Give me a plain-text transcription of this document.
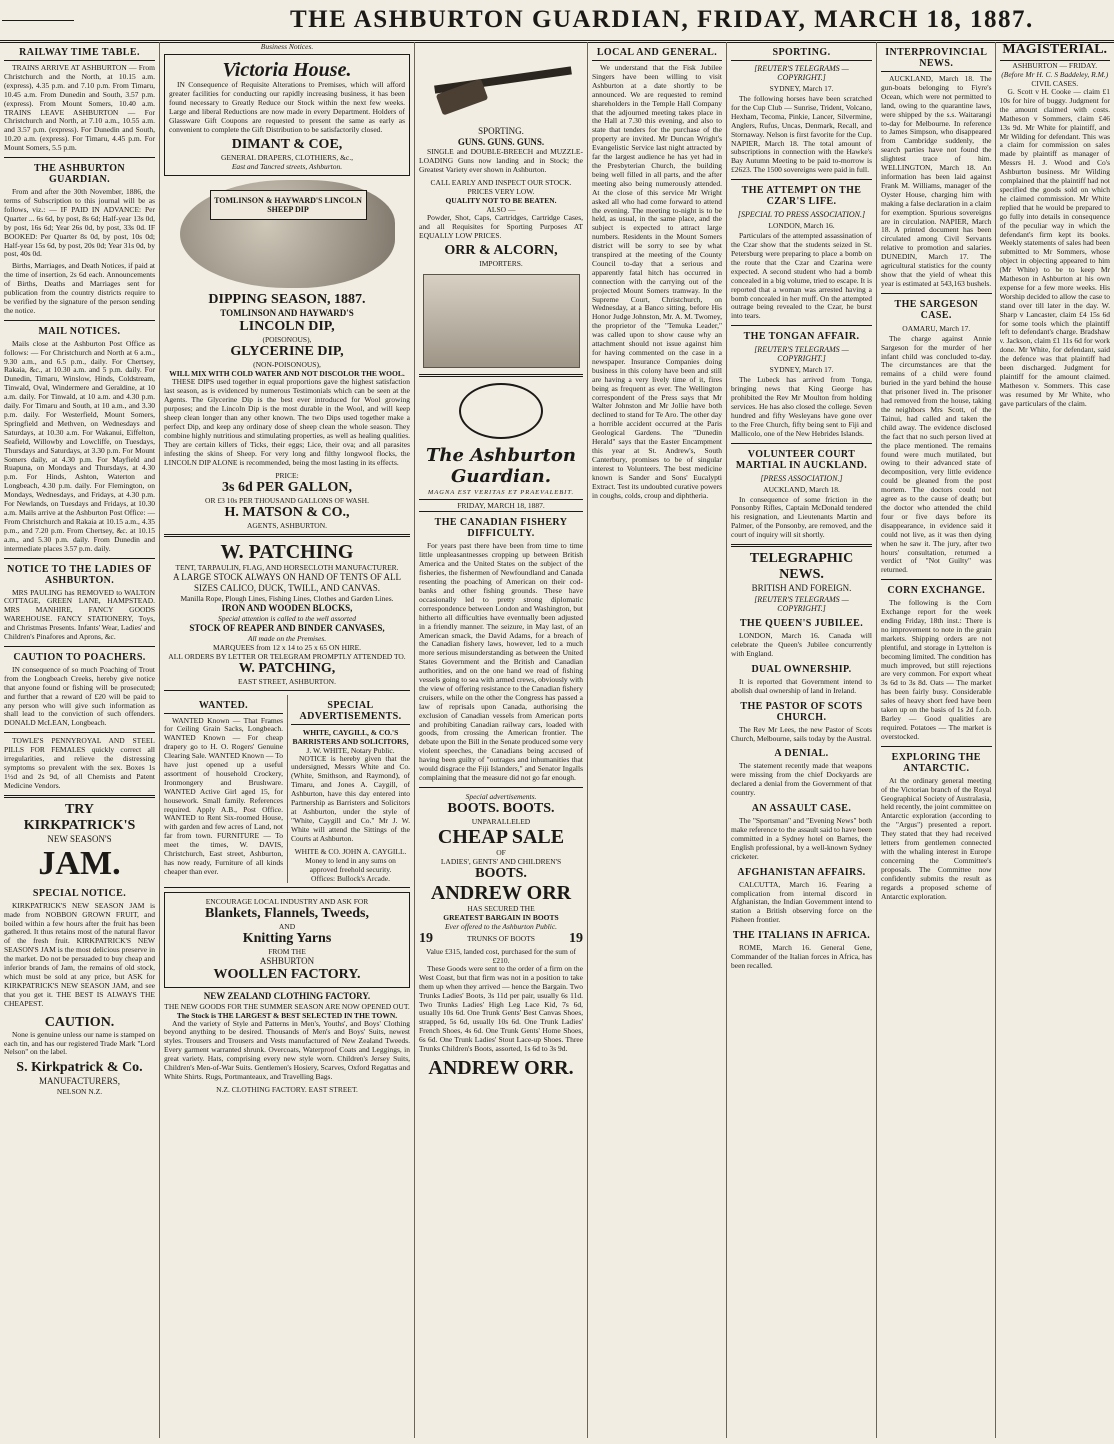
THE ASHBURTON GUARDIAN, FRIDAY, MARCH 18, 1887.
RAILWAY TIME TABLE.

TRAINS ARRIVE AT ASHBURTON — From Christchurch and the North, at 10.15 a.m. (express), 4.35 p.m. and 7.10 p.m. From Timaru, 10.45 a.m. From Dunedin and South, 3.57 p.m. (express). From Mount Somers, 10.40 a.m. TRAINS LEAVE ASHBURTON — For Christchurch and North, at 7.10 a.m., 10.55 a.m. and 3.57 p.m. (express). For Dunedin and South, 10.20 a.m. (express). For Timaru, 4.45 p.m. For Mount Somers, 5.5 p.m.

THE ASHBURTON GUARDIAN.

From and after the 30th November, 1886, the terms of Subscription to this journal will be as follows, viz.: — IF PAID IN ADVANCE: Per Quarter ... 6s 6d, by post, 8s 6d; Half-year 13s 0d, by post, 16s 6d; Year 26s 0d, by post, 33s 0d. IF BOOKED: Per Quarter 8s 0d, by post, 10s 0d; Half-year 15s 6d, by post, 20s 0d; Year 31s 0d, by post, 40s 0d.

Births, Marriages, and Death Notices, if paid at the time of insertion, 2s 6d each. Announcements of Births, Deaths and Marriages sent for publication from the country districts require to be verified by the signature of the person sending the notice.

MAIL NOTICES.

Mails close at the Ashburton Post Office as follows: — For Christchurch and North at 6 a.m., 9.30 a.m., and 6.5 p.m., daily. For Chertsey, Rakaia, &c., at 10.30 a.m. and 5 p.m. daily. For Dunedin, Timaru, Winslow, Hinds, Coldstream, Tinwald, Oval, Windermere and Geraldine, at 10 a.m. daily. For Tinwald, at 10 a.m. and 4.30 p.m. daily. For Timaru and South, at 10 a.m., and 3.30 p.m. daily. For Westerfield, Mount Somers, Springfield and Methven, on Wednesdays and Saturdays, at 10.30 a.m. For Wakanui, Eiffelton, Seafield, Willowby and Lowcliffe, on Tuesdays, Thursdays and Saturdays, at 3.30 p.m. For Mount Somers daily, at 4.30 p.m. For Mayfield and Ruapuna, on Mondays and Thursdays, at 4.30 p.m. For Hinds, Ashton, Waterton and Longbeach, 4.30 p.m. daily. For Flemington, on Mondays, Wednesdays, and Fridays, at 4.30 p.m. For Newlands, on Tuesdays and Fridays, at 10.30 a.m. Mails arrive at the Ashburton Post Office: — From Christchurch and Rakaia at 10.15 a.m., 4.35 p.m., and 7.20 p.m. From Chertsey, &c. at 10.15 a.m., and 5.30 p.m. daily. From Dunedin and intermediate places 3.57 p.m. daily.

NOTICE TO THE LADIES OF ASHBURTON.

MRS PAULING has REMOVED to WALTON COTTAGE, GREEN LANE, HAMPSTEAD. MRS MANHIRE, FANCY GOODS WAREHOUSE. FANCY STATIONERY, Toys, and Christmas Presents. Infants' Wear, Ladies' and Children's Pinafores and Aprons, &c.

CAUTION TO POACHERS.

IN consequence of so much Poaching of Trout from the Longbeach Creeks, hereby give notice that anyone found or fishing will be prosecuted; and further that a reward of £20 will be paid to any person who will give such information as shall lead to the conviction of such offenders. DONALD McLEAN, Longbeach.

TOWLE'S PENNYROYAL AND STEEL PILLS FOR FEMALES quickly correct all irregularities, and relieve the distressing symptoms so prevalent with the sex. Boxes 1s 1½d and 2s 9d, of all Chemists and Patent Medicine Vendors.

TRY
KIRKPATRICK'S
NEW SEASON'S
JAM.
SPECIAL NOTICE.

KIRKPATRICK'S NEW SEASON JAM is made from NOBBON GROWN FRUIT, and boiled within a few hours after the fruit has been gathered. It thus retains most of the natural flavor of the fresh fruit. KIRKPATRICK'S NEW SEASON'S JAM is the most delicious preserve in the market. Do not be persuaded to buy cheap and inferior brands of Jam, the remains of old stock, which must be sold at any price, but ASK for KIRKPATRICK'S NEW SEASON JAM, and see that you get it. THE BEST IS ALWAYS THE CHEAPEST.

CAUTION.

None is genuine unless our name is stamped on each tin, and has our registered Trade Mark "Lord Nelson" on the label.

S. Kirkpatrick & Co.
MANUFACTURERS,
NELSON N.Z.
Business Notices.
Victoria House.

IN Consequence of Requisite Alterations to Premises, which will afford greater facilities for conducting our rapidly increasing business, it has been found necessary to Greatly Reduce our Stock within the next few weeks. Large and liberal Reductions are now made in every Department. Holders of Glassware Gift Coupons are requested to present the same as early as convenient to complete the Gift Distribution to be satisfactorily closed.

DIMANT & COE,
GENERAL DRAPERS, CLOTHIERS, &c.,
East and Tancred streets, Ashburton.
TOMLINSON & HAYWARD'S LINCOLN SHEEP DIP
DIPPING SEASON, 1887.
TOMLINSON AND HAYWARD'S
LINCOLN DIP,
(POISONOUS),
GLYCERINE DIP,
(NON-POISONOUS),
WILL MIX WITH COLD WATER AND NOT DISCOLOR THE WOOL.

THESE DIPS used together in equal proportions gave the highest satisfaction last season, as is evidenced by numerous Testimonials which can be seen at the Agents. The Glycerine Dip is the best ever introduced for Wool growing purposes; and the Lincoln Dip is the most durable in the Wool, and will keep sheep clean longer than any other known. The two Dips used together make a perfect Dip, and keep any ordinary dose of sheep clean the whole season. They combine highly nutritious and stimulating properties, as well as healing qualities. They are certain killers of Ticks, their eggs; Lice, their ova; and all parasites infesting the skins of Sheep. For very long and filthy longwool flocks, the LINCOLN DIP ALONE is recommended, being the most lasting in its effects.

PRICE:
3s 6d PER GALLON,
OR £3 10s PER THOUSAND GALLONS OF WASH.
H. MATSON & CO.,
AGENTS, ASHBURTON.
W. PATCHING
TENT, TARPAULIN, FLAG, AND HORSECLOTH MANUFACTURER.
A LARGE STOCK ALWAYS ON HAND OF TENTS OF ALL SIZES CALICO, DUCK, TWILL, AND CANVAS.
Manilla Rope, Plough Lines, Fishing Lines, Clothes and Garden Lines.
IRON AND WOODEN BLOCKS,
Special attention is called to the well assorted
STOCK OF REAPER AND BINDER CANVASES,
All made on the Premises.
MARQUEES from 12 x 14 to 25 x 65 ON HIRE.
ALL ORDERS BY LETTER OR TELEGRAM PROMPTLY ATTENDED TO.
W. PATCHING,
EAST STREET, ASHBURTON.
WANTED.

WANTED Known — That Frames for Ceiling Grain Sacks, Longbeach. WANTED Known — For cheap drapery go to H. O. Rogers' Genuine Clearing Sale. WANTED Known — To have just opened up a useful assortment of household Crockery, Ironmongery and Brushware. WANTED Active Girl aged 15, for housework. Small family. References required. Apply A.B., Post Office. WANTED to Rent Six-roomed House, with garden and few acres of Land, not far from town. FURNITURE — To meet the times, W. DAVIS, Christchurch, East street, Ashburton, has now ready, Furniture of all kinds cheaper than ever.

SPECIAL ADVERTISEMENTS.
WHITE, CAYGILL, & CO.'S BARRISTERS AND SOLICITORS,
J. W. WHITE, Notary Public.

NOTICE is hereby given that the undersigned, Messrs White and Co. (White, Smithson, and Raymond), of Timaru, and Jones A. Caygill, of Ashburton, have this day entered into Partnership as Barristers and Solicitors at Ashburton, under the style of "White, Caygill and Co." Mr J. W. White will attend the Sittings of the Courts at Ashburton.

WHITE & CO. JOHN A. CAYGILL.
Money to lend in any sums on approved freehold security.
Offices: Bullock's Arcade.
ENCOURAGE LOCAL INDUSTRY AND ASK FOR
Blankets, Flannels, Tweeds,
AND
Knitting Yarns
FROM THE
ASHBURTON
WOOLLEN FACTORY.
NEW ZEALAND CLOTHING FACTORY.
THE NEW GOODS FOR THE SUMMER SEASON ARE NOW OPENED OUT.
The Stock is THE LARGEST & BEST SELECTED IN THE TOWN.

And the variety of Style and Patterns in Men's, Youths', and Boys' Clothing beyond anything to be desired. Thousands of Men's and Boys' Suits, newest styles. Trousers and Trousers and Vests manufactured of New Zealand Tweeds. Every garment warranted shrunk. Overcoats, Waterproof Coats and Leggings, in great variety. Hats, comprising every new style worn. Children's Jersey Suits, Children's Men-of-War Suits. Gentlemen's Hosiery, Scarves, Oxford Regattas and White Shirts. Rugs, Portmanteaux, and Travelling Bags.

N.Z. CLOTHING FACTORY. EAST STREET.
SPORTING.
GUNS. GUNS. GUNS.

SINGLE and DOUBLE-BREECH and MUZZLE-LOADING Guns now landing and in Stock; the Greatest Variety ever shown in Ashburton.

CALL EARLY AND INSPECT OUR STOCK.
PRICES VERY LOW.
QUALITY NOT TO BE BEATEN.
ALSO —

Powder, Shot, Caps, Cartridges, Cartridge Cases, and all Requisites for Sporting Purposes AT EQUALLY LOW PRICES.

ORR & ALCORN,
IMPORTERS.
The Ashburton Guardian.
MAGNA EST VERITAS ET PRAEVALEBIT.
FRIDAY, MARCH 18, 1887.
THE CANADIAN FISHERY DIFFICULTY.

For years past there have been from time to time little unpleasantnesses cropping up between British America and the United States on the subject of the fisheries, the fishermen of Newfoundland and Canada resenting the poaching of American on their cod-banks and other fishing grounds. These have occasionally led to pretty strong diplomatic correspondence between London and Washington, but hitherto all difficulties have eventually been adjusted in a friendly manner. The seizure, in May last, of an American smack, the David Adams, for a breach of the Canadian fishery laws, however, led to a much more serious misunderstanding as between the United States Government and the British and Canadian authorities, and on the one hand we read of fishing vessels going to sea with armed crews, obviously with the view of offering resistance to the Canadian fishery cruisers, while on the other the Congress has passed a law of reprisals upon Canada, authorising the exclusion of Canadian vessels from American ports and prohibiting Canadian railway cars, loaded with goods, from crossing the American frontier. The debate upon the Bill in the Senate produced some very violent speeches, the Canadians being accused of having been guilty of "outrages and inhumanities that would disgrace the Fiji Islanders," and Senator Ingalls complaining that the measure did not go far enough.

Special advertisements.
BOOTS. BOOTS.
UNPARALLELED
CHEAP SALE
OF
LADIES', GENTS' AND CHILDREN'S
BOOTS.
ANDREW ORR
HAS SECURED THE
GREATEST BARGAIN IN BOOTS
Ever offered to the Ashburton Public.
19	TRUNKS OF BOOTS 19
Value £315, landed cost, purchased for the sum of £210.

These Goods were sent to the order of a firm on the West Coast, but that firm was not in a position to take them up when they arrived — hence the Bargain. Two Trunks Ladies' Boots, 3s 11d per pair, usually 6s 11d. Two Trunks Ladies' High Leg Lace Kid, 7s 6d, usually 10s 6d. One Trunk Gents' Best Canvas Shoes, strapped, 5s 6d, usually 10s 6d. One Trunk Ladies' French Shoes, 4s 6d. One Trunk Gents' Home Shoes, 6s 6d. One Trunk Ladies' Stout Lace-up Shoes. Three Trunks Children's Boots, assorted, 1s 6d to 3s 9d.

ANDREW ORR.
LOCAL AND GENERAL.

We understand that the Fisk Jubilee Singers have been willing to visit Ashburton at a date shortly to be announced. We are requested to remind shareholders in the Temple Hall Company that the adjourned meeting takes place in the Hall at 7.30 this evening, and also to state that tenders for the purchase of the property are invited. Mr Duncan Wright's Evangelistic Service last night attracted by far the largest audience he has yet had in the Presbyterian Church, the building being well filled in all parts, and the after meeting also being numerously attended. At the close of this service Mr Wright asked all who had come forward to attend the evening. The meeting to-night is to be held, as usual, in the same place, and the subject is expected to attract large numbers. Residents in the Mount Somers district will be sorry to see by what transpired at the meeting of the County Council to-day that a serious and apparently fatal hitch has occurred in connection with the carrying out of the projected Mount Somers tramway. In the Supreme Court, Christchurch, on Wednesday, at a Banco sitting, before His Honor Judge Johnston, Mr. A. M. Twomey, the proprietor of the "Temuka Leader," was called upon to show cause why an attachment should not issue against him for having commented on the case in a newspaper. Insurance Companies doing business in this colony have been and still are having a very lively time of it, fires being as frequent as ever. The Wellington correspondent of the Press says that Mr Walter Johnston and Mr Jollie have both declined to stand for Te Aro. The other day a horrible accident occurred at the Paris Geological Gardens. The "Dunedin Herald" says that the Easter Encampment this year at St. Andrew's, South Canterbury, promises to be of singular interest to Volunteers. The best medicine known is Sander and Sons' Eucalypti Extract. Test its undoubted curative powers in coughs, colds, croup and diphtheria.

SPORTING.
[REUTER'S TELEGRAMS — COPYRIGHT.]
SYDNEY, March 17.

The following horses have been scratched for the Cup Club — Sunrise, Trident, Volcano, Hexham, Tecoma, Pinkie, Lancer, Silvermine, Anglers, Rufus, Uncas, Denmark, Recall, and Stornaway. Nelson is first favorite for the Cup. NAPIER, March 18. The total amount of subscriptions in connection with the Hawke's Bay Autumn Meeting to be paid to-morrow is £2623. The 1500 sovereigns were paid in full.

THE ATTEMPT ON THE CZAR'S LIFE.
[SPECIAL TO PRESS ASSOCIATION.]
LONDON, March 16.

Particulars of the attempted assassination of the Czar show that the students seized in St. Petersburg were preparing to place a bomb on the route that the Czar and Czarina were expected. A second student who had a bomb concealed in a big volume, tried to escape. It is reported that a woman was arrested having a bomb concealed in her muff. On the attempted outrage being revealed to the Czar, he burst into tears.

THE TONGAN AFFAIR.
[REUTER'S TELEGRAMS — COPYRIGHT.]
SYDNEY, March 17.

The Lubeck has arrived from Tonga, bringing news that King George has prohibited the Rev Mr Moulton from holding services. He has also closed the college. Seven hundred and fifty Wesleyans have gone over to the Free Church, fifty being sent to Fiji and Mallicolo, one of the New Hebrides Islands.

VOLUNTEER COURT MARTIAL IN AUCKLAND.
[PRESS ASSOCIATION.]
AUCKLAND, March 18.

In consequence of some friction in the Ponsonby Rifles, Captain McDonald tendered his resignation, and Lieutenants Martin and Palmer, of the Ponsonby, are removed, and the court of inquiry will sit shortly.

TELEGRAPHIC NEWS.
BRITISH AND FOREIGN.
[REUTER'S TELEGRAMS — COPYRIGHT.]
THE QUEEN'S JUBILEE.

LONDON, March 16. Canada will celebrate the Queen's Jubilee concurrently with England.

DUAL OWNERSHIP.

It is reported that Government intend to abolish dual ownership of land in Ireland.

THE PASTOR OF SCOTS CHURCH.

The Rev Mr Lees, the new Pastor of Scots Church, Melbourne, sails today by the Austral.

A DENIAL.

The statement recently made that weapons were missing from the chief Dockyards are declared a denial from the Government of that country.

AN ASSAULT CASE.

The "Sportsman" and "Evening News" both make reference to the assault said to have been committed in a Sydney hotel on Barnes, the English professional, by a well-known Sydney cricketer.

AFGHANISTAN AFFAIRS.

CALCUTTA, March 16. Fearing a complication from internal discord in Afghanistan, the Indian Government intend to station a British observing force on the Pisheen frontier.

THE ITALIANS IN AFRICA.

ROME, March 16. General Gene, Commander of the Italian forces in Africa, has been recalled.

INTERPROVINCIAL NEWS.

AUCKLAND, March 18. The gun-boats belonging to Fiyre's Ocean, which were not permitted to land, owing to the quarantine laws, were shipped by the s.s. Waitarangi to-day for Melbourne. In reference to James Simpson, who disappeared from Cambridge suddenly, the search parties have not found the slightest trace of him. WELLINGTON, March 18. An information has been laid against Frank M. Williams, manager of the Oyster House, charging him with making a false declaration in a claim for exemption. Spurious sovereigns are in circulation. NAPIER, March 18. A printed document has been circulated among Civil Servants relative to promotion and salaries. DUNEDIN, March 17. The agricultural statistics for the county show that the yield of wheat this year is estimated at 543,163 bushels.

THE SARGESON CASE.
OAMARU, March 17.

The charge against Annie Sargeson for the murder of her infant child was concluded to-day. The circumstances are that the remains of a child were found buried in the yard behind the house that prisoner lived in. The prisoner had removed from the house, taking the neighbors Mrs Scott, of the Tainui, had called and taken the child away. The evidence disclosed the fact that no such person lived at the place mentioned. The remains found were much mutilated, but owing to their advanced state of decomposition, very little evidence could be gleaned from the post mortem. The doctors could not agree as to the cause of death; but the doctor who attended the child four or five days before its disappearance, in evidence said it could not live, as it was then dying when he saw it. The jury, after two hours' consultation, returned a verdict of "Not Guilty" was returned.

CORN EXCHANGE.

The following is the Corn Exchange report for the week ending Friday, 18th inst.: There is no improvement to note in the grain markets. Shipping orders are not plentiful, and storage in Lyttelton is becoming limited. The condition has much improved, but still rejections are very common. For export wheat 3s 6d to 3s 8d. Oats — The market has been fairly busy. Considerable sales of heavy short feed have been taken up on the basis of 1s 2d f.o.b. Barley — Good qualities are required. Potatoes — The market is overstocked.

EXPLORING THE ANTARCTIC.

At the ordinary general meeting of the Victorian branch of the Royal Geographical Society of Australasia, held recently, the joint committee on Antarctic exploration (according to the "Argus") presented a report. They stated that they had received letters from gentlemen connected with the whaling interest in Europe concerning the Committee's proposals. The Committee now confidently submits the result as regards a proposed scheme of Antarctic exploration.

MAGISTERIAL.
ASHBURTON — FRIDAY.
(Before Mr H. C. S Baddeley, R.M.)
CIVIL CASES.

G. Scott v H. Cooke — claim £1 10s for hire of buggy. Judgment for the amount claimed with costs. Matheson v Sommers, claim £46 13s 9d. Mr White for plaintiff, and Mr Wilding for defendant. This was a claim for commission on sales made by plaintiff as manager of Messrs H. J. Wood and Co's Ashburton business. Mr Wilding complained that the plaintiff had not specified the goods sold on which he claimed commission. Mr White replied that he would be prepared to go fully into details in consequence of the peculiar way in which the defendant's firm kept its books. Weekly statements of sales had been submitted to Mr Sommers, whose object in objecting appeared to him (Mr White) to be to keep Mr Matheson in Ashburton at his own expense for a few more weeks. His Worship decided to allow the case to stand over till later in the day. W. Sharp v Lancaster, claim £4 15s 6d for some tools which the plaintiff left to defendant's charge. Bradshaw v. Jackson, claim £1 11s 6d for work done. Mr White, for defendant, said the defence was that plaintiff had been discharged. Judgment for plaintiff for the amount claimed. Matheson v. Sommers. This case was resumed by Mr White, who gave particulars of the claim.
